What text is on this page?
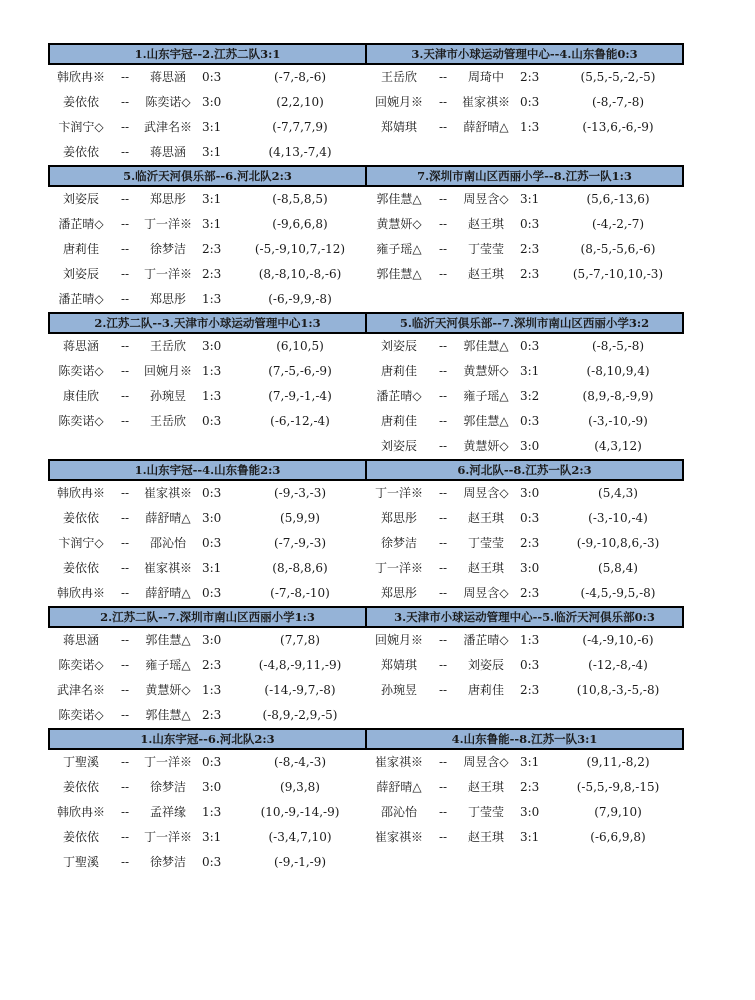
1.山东宇冠--2.江苏二队3:1
韩欣冉※	--	蒋思涵	0:3	(-7,-8,-6)
姜依依	--	陈奕诺◇ 3:0	(2,2,10)
卞润宁◇	--	武津名※ 3:1	(-7,7,7,9)
姜依依	--	蒋思涵	3:1	(4,13,-7,4)
3.天津市小球运动管理中心--4.山东鲁能0:3
王岳欣	--	周琦中	2:3	(5,5,-5,-2,-5)
回婉月※	--	崔家祺※ 0:3	(-8,-7,-8)
郑婧琪	--	薛舒晴△ 1:3	(-13,6,-6,-9)
5.临沂天河俱乐部--6.河北队2:3
刘姿辰	--	郑思彤	3:1	(-8,5,8,5)
潘芷晴◇	--	丁一洋※ 3:1	(-9,6,6,8)
唐莉佳	--	徐梦洁	2:3	(-5,-9,10,7,-12)
刘姿辰	--	丁一洋※ 2:3	(8,-8,10,-8,-6)
潘芷晴◇	--	郑思彤	1:3	(-6,-9,9,-8)
7.深圳市南山区西丽小学--8.江苏一队1:3
郭佳慧△	--	周昱含◇ 3:1	(5,6,-13,6)
黄慧妍◇	--	赵王琪	0:3	(-4,-2,-7)
雍子瑶△	--	丁莹莹	2:3	(8,-5,-5,6,-6)
郭佳慧△	--	赵王琪	2:3	(5,-7,-10,10,-3)
2.江苏二队--3.天津市小球运动管理中心1:3
蒋思涵	--	王岳欣	3:0	(6,10,5)
陈奕诺◇	--	回婉月※ 1:3	(7,-5,-6,-9)
康佳欣	--	孙琬昱	1:3	(7,-9,-1,-4)
陈奕诺◇	--	王岳欣	0:3	(-6,-12,-4)
5.临沂天河俱乐部--7.深圳市南山区西丽小学3:2
刘姿辰	--	郭佳慧△ 0:3	(-8,-5,-8)
唐莉佳	--	黄慧妍◇ 3:1	(-8,10,9,4)
潘芷晴◇	--	雍子瑶△ 3:2	(8,9,-8,-9,9)
唐莉佳	--	郭佳慧△ 0:3	(-3,-10,-9)
刘姿辰	--	黄慧妍◇ 3:0	(4,3,12)
1.山东宇冠--4.山东鲁能2:3
韩欣冉※	--	崔家祺※ 0:3	(-9,-3,-3)
姜依依	--	薛舒晴△ 3:0	(5,9,9)
卞润宁◇	--	邵沁怡	0:3	(-7,-9,-3)
姜依依	--	崔家祺※ 3:1	(8,-8,8,6)
韩欣冉※	--	薛舒晴△ 0:3	(-7,-8,-10)
6.河北队--8.江苏一队2:3
丁一洋※	--	周昱含◇ 3:0	(5,4,3)
郑思彤	--	赵王琪	0:3	(-3,-10,-4)
徐梦洁	--	丁莹莹	2:3	(-9,-10,8,6,-3)
丁一洋※	--	赵王琪	3:0	(5,8,4)
郑思彤	--	周昱含◇ 2:3	(-4,5,-9,5,-8)
2.江苏二队--7.深圳市南山区西丽小学1:3
蒋思涵	--	郭佳慧△ 3:0	(7,7,8)
陈奕诺◇	--	雍子瑶△ 2:3	(-4,8,-9,11,-9)
武津名※	--	黄慧妍◇ 1:3	(-14,-9,7,-8)
陈奕诺◇	--	郭佳慧△ 2:3	(-8,9,-2,9,-5)
3.天津市小球运动管理中心--5.临沂天河俱乐部0:3
回婉月※	--	潘芷晴◇ 1:3	(-4,-9,10,-6)
郑婧琪	--	刘姿辰	0:3	(-12,-8,-4)
孙琬昱	--	唐莉佳	2:3	(10,8,-3,-5,-8)
1.山东宇冠--6.河北队2:3
丁聖溪	--	丁一洋※ 0:3	(-8,-4,-3)
姜依依	--	徐梦洁	3:0	(9,3,8)
韩欣冉※	--	孟祥缘	1:3	(10,-9,-14,-9)
姜依依	--	丁一洋※ 3:1	(-3,4,7,10)
丁聖溪	--	徐梦洁	0:3	(-9,-1,-9)
4.山东鲁能--8.江苏一队3:1
崔家祺※	--	周昱含◇ 3:1	(9,11,-8,2)
薛舒晴△	--	赵王琪	2:3	(-5,5,-9,8,-15)
邵沁怡	--	丁莹莹	3:0	(7,9,10)
崔家祺※	--	赵王琪	3:1	(-6,6,9,8)
